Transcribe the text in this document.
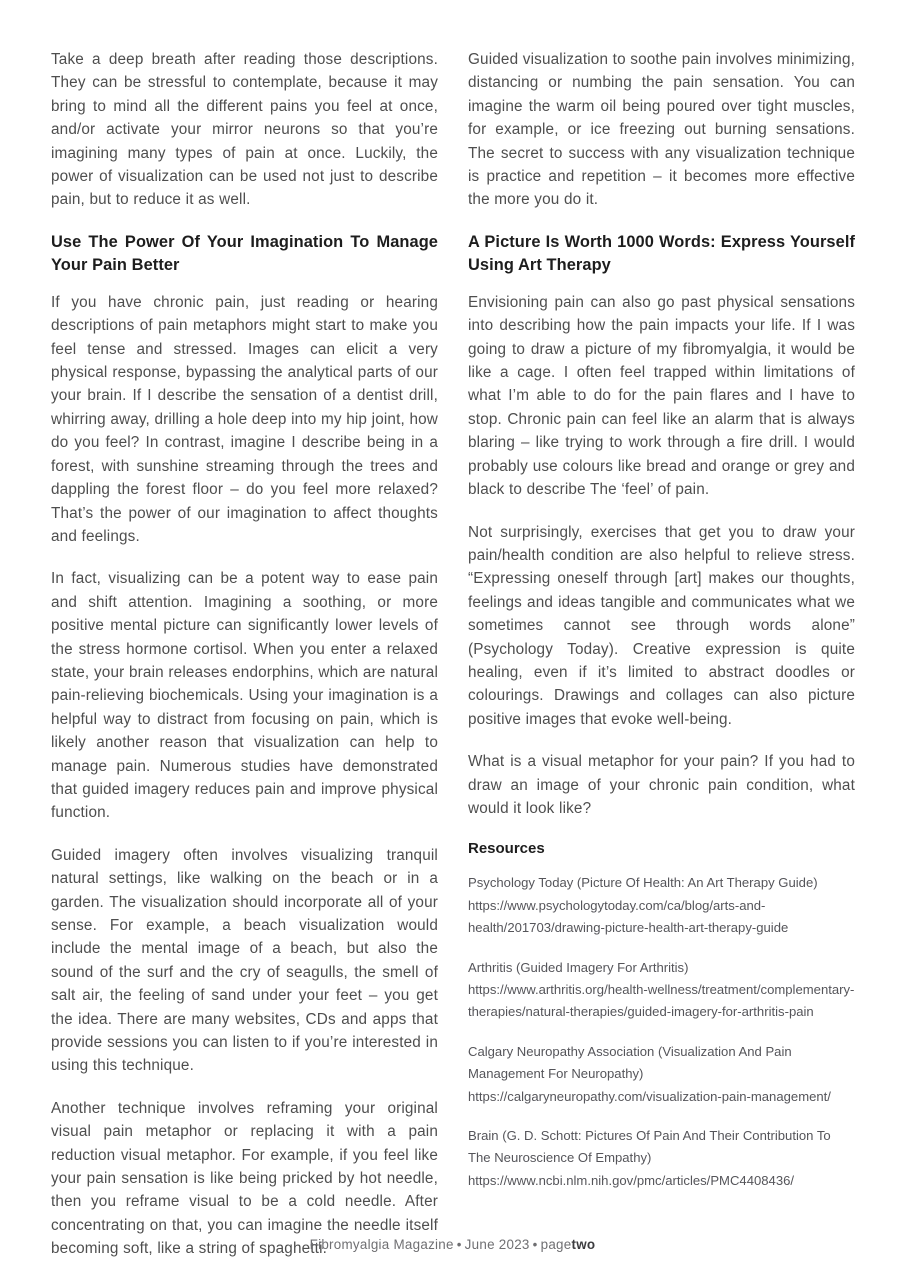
Take a deep breath after reading those descriptions. They can be stressful to contemplate, because it may bring to mind all the different pains you feel at once, and/or activate your mirror neurons so that you’re imagining many types of pain at once. Luckily, the power of visualization can be used not just to describe pain, but to reduce it as well.

Use The Power Of Your Imagination To Manage Your Pain Better

If you have chronic pain, just reading or hearing descriptions of pain metaphors might start to make you feel tense and stressed. Images can elicit a very physical response, bypassing the analytical parts of our your brain. If I describe the sensation of a dentist drill, whirring away, drilling a hole deep into my hip joint, how do you feel? In contrast, imagine I describe being in a forest, with sunshine streaming through the trees and dappling the forest floor – do you feel more relaxed? That’s the power of our imagination to affect thoughts and feelings.

In fact, visualizing can be a potent way to ease pain and shift attention. Imagining a soothing, or more positive mental picture can significantly lower levels of the stress hormone cortisol. When you enter a relaxed state, your brain releases endorphins, which are natural pain-relieving biochemicals. Using your imagination is a helpful way to distract from focusing on pain, which is likely another reason that visualization can help to manage pain. Numerous studies have demonstrated that guided imagery reduces pain and improve physical function.

Guided imagery often involves visualizing tranquil natural settings, like walking on the beach or in a garden. The visualization should incorporate all of your sense. For example, a beach visualization would include the mental image of a beach, but also the sound of the surf and the cry of seagulls, the smell of salt air, the feeling of sand under your feet – you get the idea. There are many websites, CDs and apps that provide sessions you can listen to if you’re interested in using this technique.

Another technique involves reframing your original visual pain metaphor or replacing it with a pain reduction visual metaphor. For example, if you feel like your pain sensation is like being pricked by hot needle, then you reframe visual to be a cold needle. After concentrating on that, you can imagine the needle itself becoming soft, like a string of spaghetti.

Guided visualization to soothe pain involves minimizing, distancing or numbing the pain sensation. You can imagine the warm oil being poured over tight muscles, for example, or ice freezing out burning sensations. The secret to success with any visualization technique is practice and repetition – it becomes more effective the more you do it.

A Picture Is Worth 1000 Words: Express Yourself Using Art Therapy

Envisioning pain can also go past physical sensations into describing how the pain impacts your life. If I was going to draw a picture of my fibromyalgia, it would be like a cage. I often feel trapped within limitations of what I’m able to do for the pain flares and I have to stop. Chronic pain can feel like an alarm that is always blaring – like trying to work through a fire drill. I would probably use colours like bread and orange or grey and black to describe The ‘feel’ of pain.

Not surprisingly, exercises that get you to draw your pain/health condition are also helpful to relieve stress. “Expressing oneself through [art] makes our thoughts, feelings and ideas tangible and communicates what we sometimes cannot see through words alone” (Psychology Today). Creative expression is quite healing, even if it’s limited to abstract doodles or colourings. Drawings and collages can also picture positive images that evoke well-being.

What is a visual metaphor for your pain? If you had to draw an image of your chronic pain condition, what would it look like?

Resources

Psychology Today (Picture Of Health: An Art Therapy Guide) https://www.psychologytoday.com/ca/blog/arts-and-health/201703/drawing-picture-health-art-therapy-guide

Arthritis (Guided Imagery For Arthritis) https://www.arthritis.org/health-wellness/treatment/complementary-therapies/natural-therapies/guided-imagery-for-arthritis-pain

Calgary Neuropathy Association (Visualization And Pain Management For Neuropathy) https://calgaryneuropathy.com/visualization-pain-management/

Brain (G. D. Schott: Pictures Of Pain And Their Contribution To The Neuroscience Of Empathy) https://www.ncbi.nlm.nih.gov/pmc/articles/PMC4408436/

Fibromyalgia Magazine • June 2023 • pagetwo
